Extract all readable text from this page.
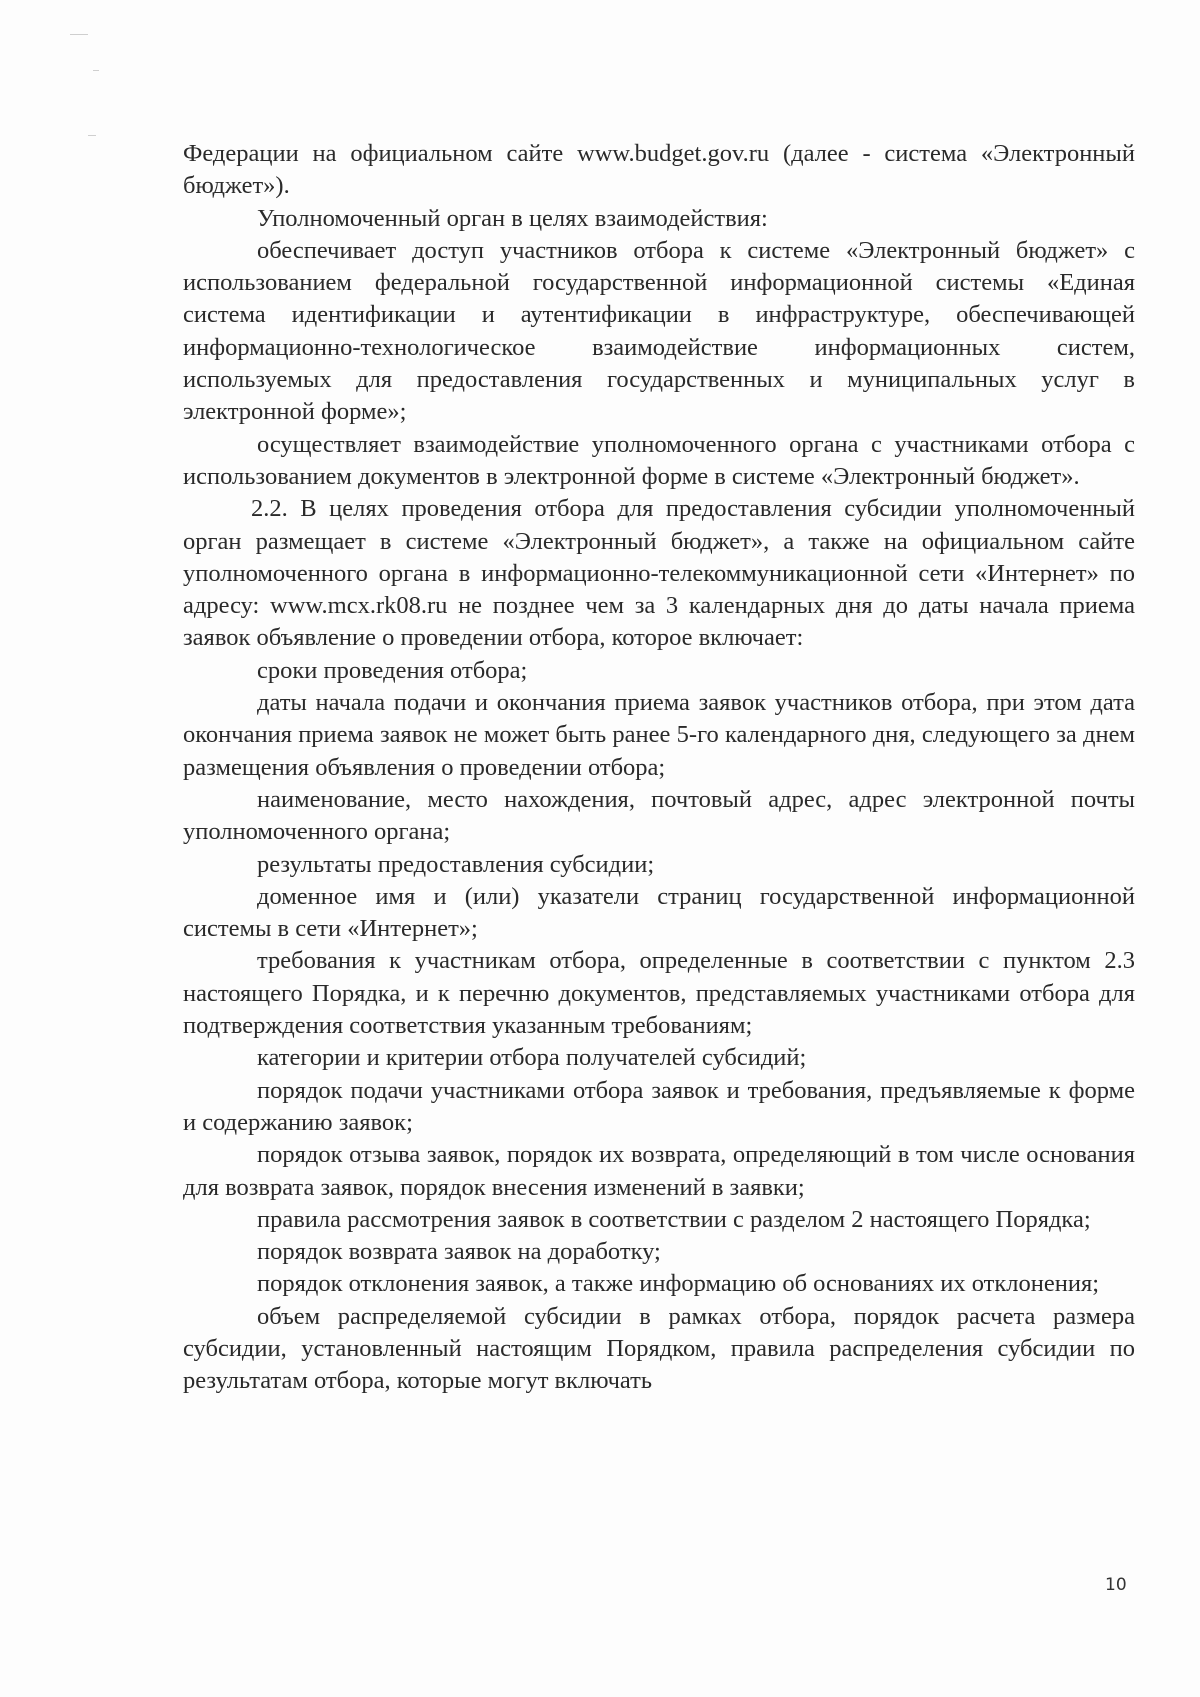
Федерации на официальном сайте www.budget.gov.ru (далее - система «Электронный бюджет»).

Уполномоченный орган в целях взаимодействия:

обеспечивает доступ участников отбора к системе «Электронный бюджет» с использованием федеральной государственной информационной системы «Единая система идентификации и аутентификации в инфраструктуре, обеспечивающей информационно-технологическое взаимодействие информационных систем, используемых для предоставления государственных и муниципальных услуг в электронной форме»;

осуществляет взаимодействие уполномоченного органа с участниками отбора с использованием документов в электронной форме в системе «Электронный бюджет».

2.2. В целях проведения отбора для предоставления субсидии уполномоченный орган размещает в системе «Электронный бюджет», а также на официальном сайте уполномоченного органа в информационно-телекоммуникационной сети «Интернет» по адресу: www.mcx.rk08.ru не позднее чем за 3 календарных дня до даты начала приема заявок объявление о проведении отбора, которое включает:

сроки проведения отбора;

даты начала подачи и окончания приема заявок участников отбора, при этом дата окончания приема заявок не может быть ранее 5-го календарного дня, следующего за днем размещения объявления о проведении отбора;

наименование, место нахождения, почтовый адрес, адрес электронной почты уполномоченного органа;

результаты предоставления субсидии;

доменное имя и (или) указатели страниц государственной информационной системы в сети «Интернет»;

требования к участникам отбора, определенные в соответствии с пунктом 2.3 настоящего Порядка, и к перечню документов, представляемых участниками отбора для подтверждения соответствия указанным требованиям;

категории и критерии отбора получателей субсидий;

порядок подачи участниками отбора заявок и требования, предъявляемые к форме и содержанию заявок;

порядок отзыва заявок, порядок их возврата, определяющий в том числе основания для возврата заявок, порядок внесения изменений в заявки;

правила рассмотрения заявок в соответствии с разделом 2 настоящего Порядка;

порядок возврата заявок на доработку;

порядок отклонения заявок, а также информацию об основаниях их отклонения;

объем распределяемой субсидии в рамках отбора, порядок расчета размера субсидии, установленный настоящим Порядком, правила распределения субсидии по результатам отбора, которые могут включать

10
